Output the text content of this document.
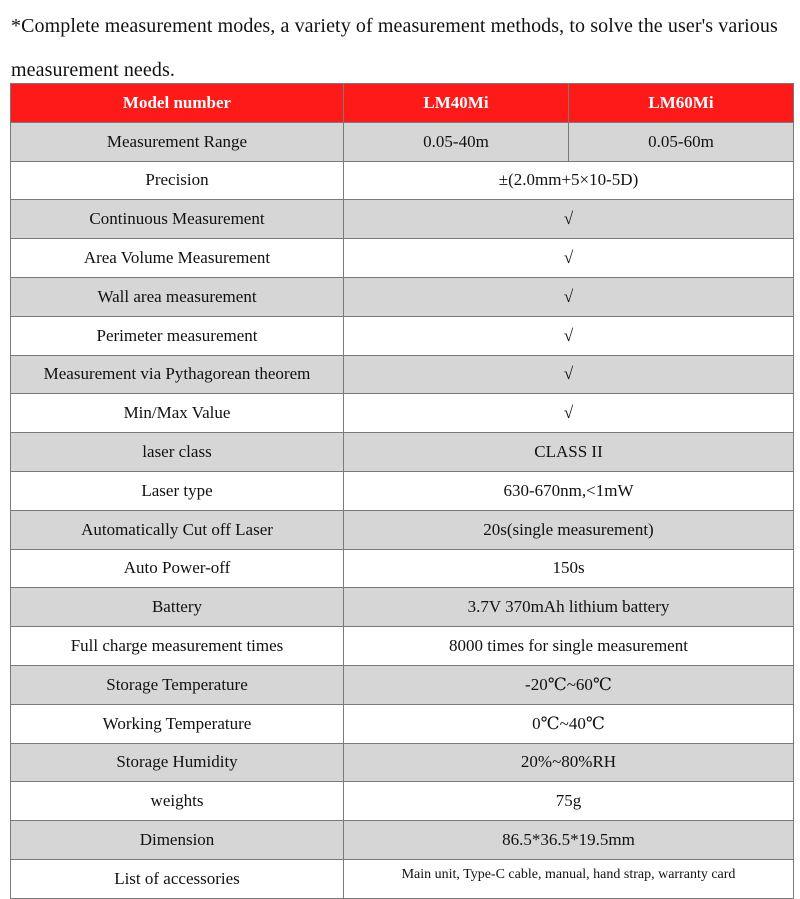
*Complete measurement modes, a variety of measurement methods, to solve the user's various measurement needs.
Model number	LM40Mi	LM60Mi
Measurement Range	0.05-40m	0.05-60m
Precision	±(2.0mm+5×10-5D)	
Continuous Measurement	√	
Area Volume Measurement	√	
Wall area measurement	√	
Perimeter measurement	√	
Measurement via Pythagorean theorem	√	
Min/Max Value	√	
laser class	CLASS II	
Laser type	630-670nm,<1mW	
Automatically Cut off Laser	20s(single measurement)	
Auto Power-off	150s	
Battery	3.7V 370mAh lithium battery	
Full charge measurement times	8000 times for single measurement	
Storage Temperature	-20℃~60℃	
Working Temperature	0℃~40℃	
Storage Humidity	20%~80%RH	
weights	75g	
Dimension	86.5*36.5*19.5mm	
List of accessories	Main unit, Type-C cable, manual, hand strap, warranty card	
